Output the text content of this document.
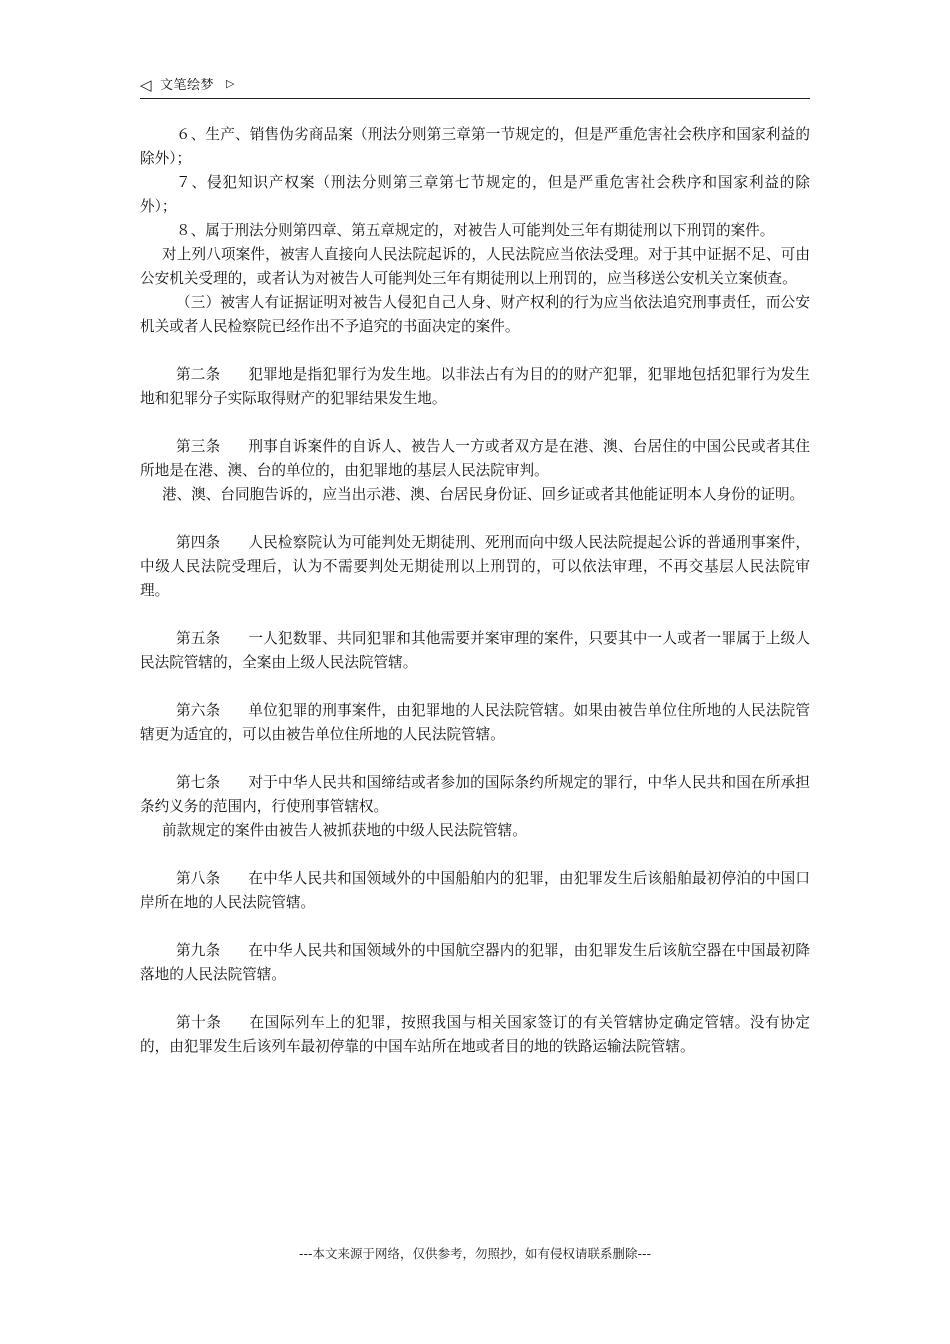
◁ 文笔绘梦 ▷

６、生产、销售伪劣商品案（刑法分则第三章第一节规定的，但是严重危害社会秩序和国家利益的除外）；

７、侵犯知识产权案（刑法分则第三章第七节规定的，但是严重危害社会秩序和国家利益的除外）；

８、属于刑法分则第四章、第五章规定的，对被告人可能判处三年有期徒刑以下刑罚的案件。

对上列八项案件，被害人直接向人民法院起诉的，人民法院应当依法受理。对于其中证据不足、可由公安机关受理的，或者认为对被告人可能判处三年有期徒刑以上刑罚的，应当移送公安机关立案侦查。

（三）被害人有证据证明对被告人侵犯自己人身、财产权利的行为应当依法追究刑事责任，而公安机关或者人民检察院已经作出不予追究的书面决定的案件。

第二条 犯罪地是指犯罪行为发生地。以非法占有为目的的财产犯罪，犯罪地包括犯罪行为发生地和犯罪分子实际取得财产的犯罪结果发生地。

第三条 刑事自诉案件的自诉人、被告人一方或者双方是在港、澳、台居住的中国公民或者其住所地是在港、澳、台的单位的，由犯罪地的基层人民法院审判。

港、澳、台同胞告诉的，应当出示港、澳、台居民身份证、回乡证或者其他能证明本人身份的证明。

第四条 人民检察院认为可能判处无期徒刑、死刑而向中级人民法院提起公诉的普通刑事案件，中级人民法院受理后，认为不需要判处无期徒刑以上刑罚的，可以依法审理，不再交基层人民法院审理。

第五条 一人犯数罪、共同犯罪和其他需要并案审理的案件，只要其中一人或者一罪属于上级人民法院管辖的，全案由上级人民法院管辖。

第六条 单位犯罪的刑事案件，由犯罪地的人民法院管辖。如果由被告单位住所地的人民法院管辖更为适宜的，可以由被告单位住所地的人民法院管辖。

第七条 对于中华人民共和国缔结或者参加的国际条约所规定的罪行，中华人民共和国在所承担条约义务的范围内，行使刑事管辖权。

前款规定的案件由被告人被抓获地的中级人民法院管辖。

第八条 在中华人民共和国领域外的中国船舶内的犯罪，由犯罪发生后该船舶最初停泊的中国口岸所在地的人民法院管辖。

第九条 在中华人民共和国领域外的中国航空器内的犯罪，由犯罪发生后该航空器在中国最初降落地的人民法院管辖。

第十条 在国际列车上的犯罪，按照我国与相关国家签订的有关管辖协定确定管辖。没有协定的，由犯罪发生后该列车最初停靠的中国车站所在地或者目的地的铁路运输法院管辖。

---本文来源于网络，仅供参考，勿照抄，如有侵权请联系删除---
